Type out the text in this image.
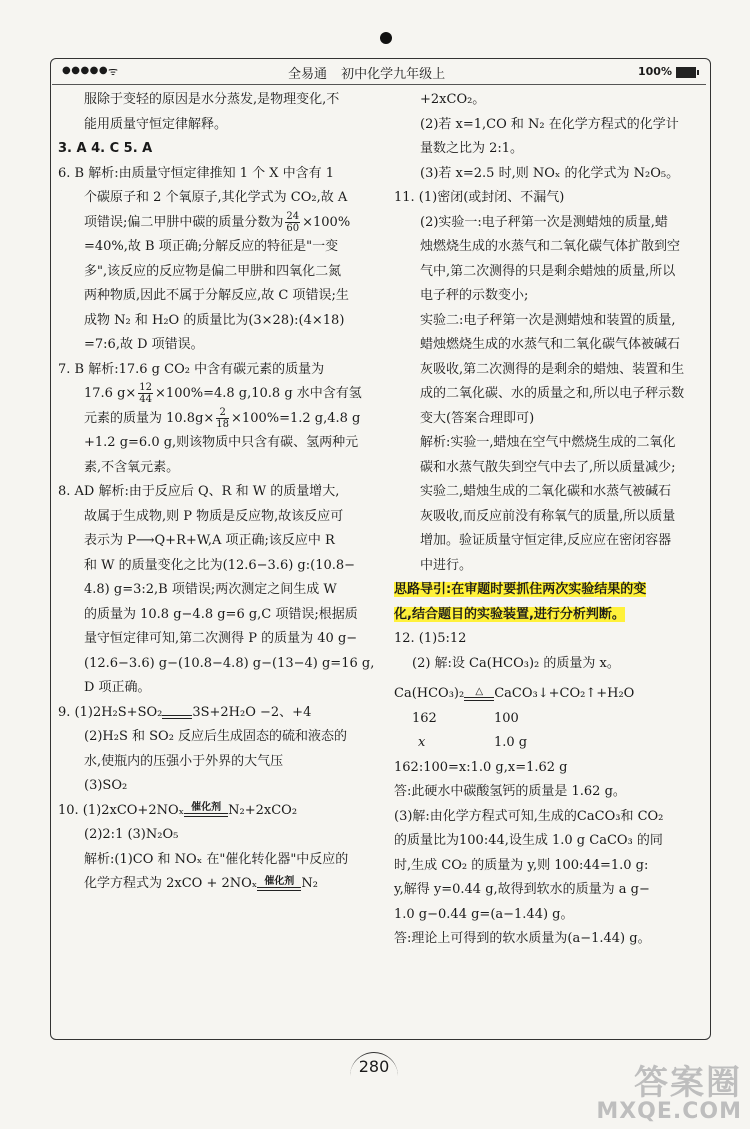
●●●●● ᯤ	全易通 初中化学九年级上	100%

服除于变轻的原因是水分蒸发,是物理变化,不

能用质量守恒定律解释。

3. A 4. C 5. A

6. B 解析:由质量守恒定律推知 1 个 X 中含有 1

个碳原子和 2 个氧原子,其化学式为 CO₂,故 A

项错误;偏二甲肼中碳的质量分数为 $\frac{24}{60} \times 100\%$

=40%,故 B 项正确;分解反应的特征是"一变

多",该反应的反应物是偏二甲肼和四氧化二氮

两种物质,因此不属于分解反应,故 C 项错误;生

成物 N₂ 和 H₂O 的质量比为(3×28):(4×18)

=7:6,故 D 项错误。

7. B 解析:17.6 g CO₂ 中含有碳元素的质量为

17.6 $g\times \frac{12}{44} \times 100\%=4.8$ g,10.8 g 水中含有氢

元素的质量为 $10.8g\times \frac{2}{18} \times 100\%=1.2$ g,4.8 g

+1.2 g=6.0 g,则该物质中只含有碳、氢两种元

素,不含氧元素。

8. AD 解析:由于反应后 Q、R 和 W 的质量增大,

故属于生成物,则 P 物质是反应物,故该反应可

表示为 P⟶Q+R+W,A 项正确;该反应中 R

和 W 的质量变化之比为(12.6−3.6) g:(10.8−

4.8) g=3:2,B 项错误;两次测定之间生成 W

的质量为 10.8 g−4.8 g=6 g,C 项错误;根据质

量守恒定律可知,第二次测得 P 的质量为 40 g−

(12.6−3.6) g−(10.8−4.8) g−(13−4) g=16 g,

D 项正确。

9. (1)2H₂S+SO₂ 3S+2H₂O −2、+4

(2)H₂S 和 SO₂ 反应后生成固态的硫和液态的

水,使瓶内的压强小于外界的大气压

(3)SO₂

10. (1)2xCO+2NOₓ 催化剂 N₂+2xCO₂

(2)2:1 (3)N₂O₅

解析:(1)CO 和 NOₓ 在"催化转化器"中反应的

化学方程式为 2xCO + 2NOₓ 催化剂 N₂

+2xCO₂。

(2)若 x=1,CO 和 N₂ 在化学方程式的化学计

量数之比为 2:1。

(3)若 x=2.5 时,则 NOₓ 的化学式为 N₂O₅。

11. (1)密闭(或封闭、不漏气)

(2)实验一:电子秤第一次是测蜡烛的质量,蜡

烛燃烧生成的水蒸气和二氧化碳气体扩散到空

气中,第二次测得的只是剩余蜡烛的质量,所以

电子秤的示数变小;

实验二:电子秤第一次是测蜡烛和装置的质量,

蜡烛燃烧生成的水蒸气和二氧化碳气体被碱石

灰吸收,第二次测得的是剩余的蜡烛、装置和生

成的二氧化碳、水的质量之和,所以电子秤示数

变大(答案合理即可)

解析:实验一,蜡烛在空气中燃烧生成的二氧化

碳和水蒸气散失到空气中去了,所以质量减少;

实验二,蜡烛生成的二氧化碳和水蒸气被碱石

灰吸收,而反应前没有称氧气的质量,所以质量

增加。验证质量守恒定律,反应应在密闭容器

中进行。

思路导引:在审题时要抓住两次实验结果的变

化,结合题目的实验装置,进行分析判断。

12. (1)5:12

(2) 解:设 Ca(HCO₃)₂ 的质量为 x。

Ca(HCO₃)₂	△ CaCO₃↓+CO₂↑+H₂O

162	100

x	1.0 g

162:100=x:1.0 g,x=1.62 g

答:此硬水中碳酸氢钙的质量是 1.62 g。

(3)解:由化学方程式可知,生成的CaCO₃和 CO₂

的质量比为100:44,设生成 1.0 g CaCO₃ 的同

时,生成 CO₂ 的质量为 y,则 100:44=1.0 g:

y,解得 y=0.44 g,故得到软水的质量为 a g−

1.0 g−0.44 g=(a−1.44) g。

答:理论上可得到的软水质量为(a−1.44) g。

280	答案圈
MXQE.COM
